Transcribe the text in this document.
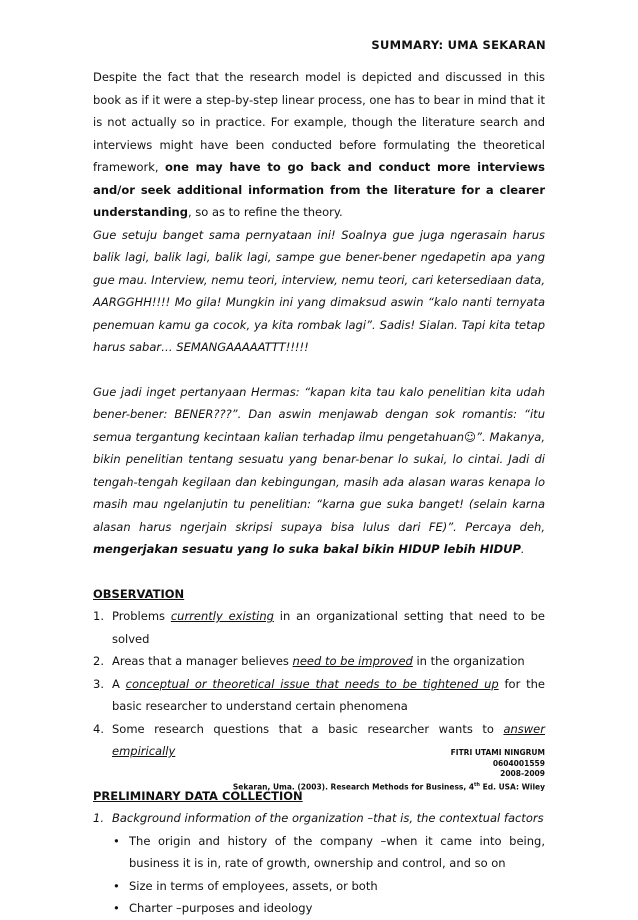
SUMMARY: UMA SEKARAN

Despite the fact that the research model is depicted and discussed in this book as if it were a step-by-step linear process, one has to bear in mind that it is not actually so in practice. For example, though the literature search and interviews might have been conducted before formulating the theoretical framework, one may have to go back and conduct more interviews and/or seek additional information from the literature for a clearer understanding, so as to refine the theory.

Gue setuju banget sama pernyataan ini! Soalnya gue juga ngerasain harus balik lagi, balik lagi, balik lagi, sampe gue bener-bener ngedapetin apa yang gue mau. Interview, nemu teori, interview, nemu teori, cari ketersediaan data, AARGGHH!!!! Mo gila! Mungkin ini yang dimaksud aswin “kalo nanti ternyata penemuan kamu ga cocok, ya kita rombak lagi”. Sadis! Sialan. Tapi kita tetap harus sabar… SEMANGAAAAATTT!!!!!

Gue jadi inget pertanyaan Hermas: “kapan kita tau kalo penelitian kita udah bener-bener: BENER???”. Dan aswin menjawab dengan sok romantis: “itu semua tergantung kecintaan kalian terhadap ilmu pengetahuan☺”. Makanya, bikin penelitian tentang sesuatu yang benar-benar lo sukai, lo cintai. Jadi di tengah-tengah kegilaan dan kebingungan, masih ada alasan waras kenapa lo masih mau ngelanjutin tu penelitian: “karna gue suka banget! (selain karna alasan harus ngerjain skripsi supaya bisa lulus dari FE)”. Percaya deh, mengerjakan sesuatu yang lo suka bakal bikin HIDUP lebih HIDUP.

OBSERVATION

1. Problems currently existing in an organizational setting that need to be solved
2. Areas that a manager believes need to be improved in the organization
3. A conceptual or theoretical issue that needs to be tightened up for the basic researcher to understand certain phenomena
4. Some research questions that a basic researcher wants to answer empirically

PRELIMINARY DATA COLLECTION

1. Background information of the organization –that is, the contextual factors
• The origin and history of the company –when it came into being, business it is in, rate of growth, ownership and control, and so on
• Size in terms of employees, assets, or both
• Charter –purposes and ideology
FITRI UTAMI NINGRUM
0604001559
2008-2009
Sekaran, Uma. (2003). Research Methods for Business, 4th Ed. USA: Wiley
